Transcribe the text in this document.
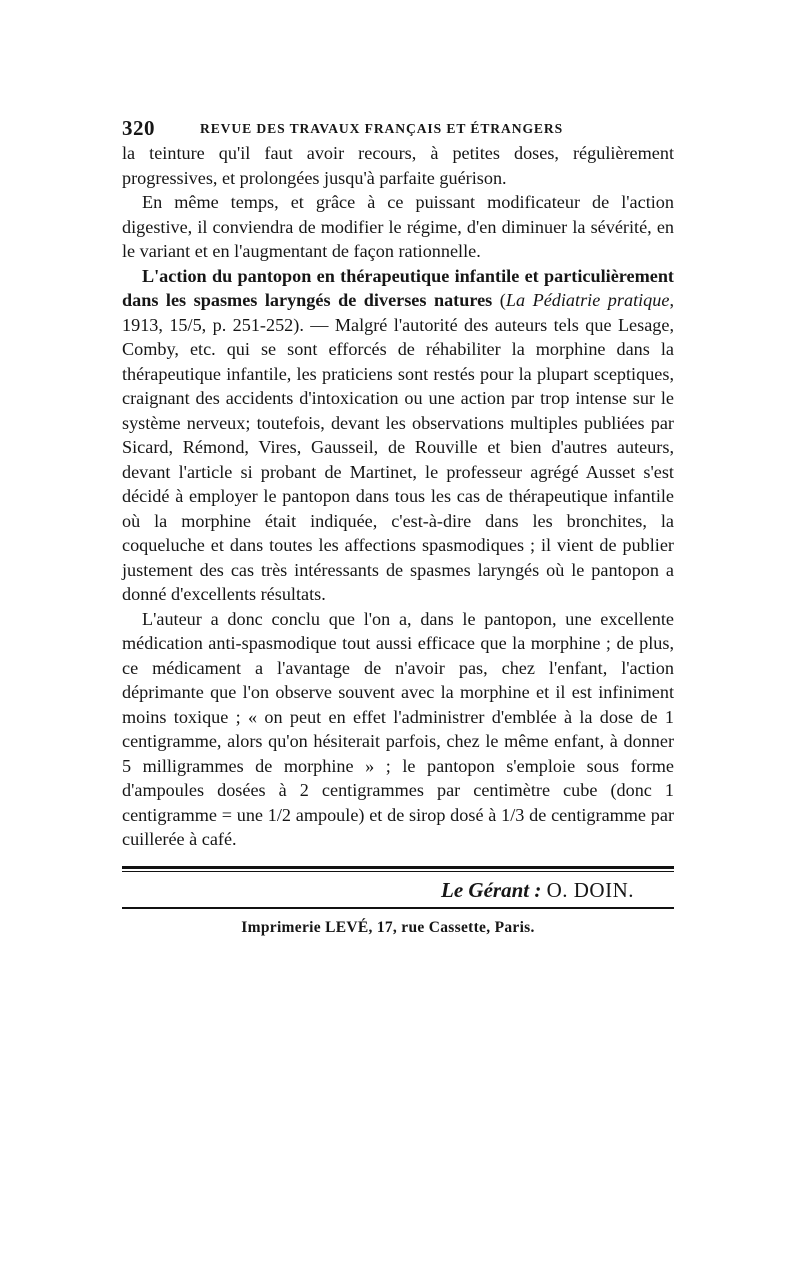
320	REVUE DES TRAVAUX FRANÇAIS ET ÉTRANGERS

la teinture qu'il faut avoir recours, à petites doses, régulièrement progressives, et prolongées jusqu'à parfaite guérison.

En même temps, et grâce à ce puissant modificateur de l'action digestive, il conviendra de modifier le régime, d'en diminuer la sévérité, en le variant et en l'augmentant de façon rationnelle.

L'action du pantopon en thérapeutique infantile et particulièrement dans les spasmes laryngés de diverses natures (La Pédiatrie pratique, 1913, 15/5, p. 251-252). — Malgré l'autorité des auteurs tels que Lesage, Comby, etc. qui se sont efforcés de réhabiliter la morphine dans la thérapeutique infantile, les praticiens sont restés pour la plupart sceptiques, craignant des accidents d'intoxication ou une action par trop intense sur le système nerveux; toutefois, devant les observations multiples publiées par Sicard, Rémond, Vires, Gausseil, de Rouville et bien d'autres auteurs, devant l'article si probant de Martinet, le professeur agrégé Ausset s'est décidé à employer le pantopon dans tous les cas de thérapeutique infantile où la morphine était indiquée, c'est-à-dire dans les bronchites, la coqueluche et dans toutes les affections spasmodiques ; il vient de publier justement des cas très intéressants de spasmes laryngés où le pantopon a donné d'excellents résultats.

L'auteur a donc conclu que l'on a, dans le pantopon, une excellente médication anti-spasmodique tout aussi efficace que la morphine ; de plus, ce médicament a l'avantage de n'avoir pas, chez l'enfant, l'action déprimante que l'on observe souvent avec la morphine et il est infiniment moins toxique ; « on peut en effet l'administrer d'emblée à la dose de 1 centigramme, alors qu'on hésiterait parfois, chez le même enfant, à donner 5 milligrammes de morphine » ; le pantopon s'emploie sous forme d'ampoules dosées à 2 centigrammes par centimètre cube (donc 1 centigramme = une 1/2 ampoule) et de sirop dosé à 1/3 de centigramme par cuillerée à café.

Le Gérant : O. DOIN.
Imprimerie LEVÉ, 17, rue Cassette, Paris.
